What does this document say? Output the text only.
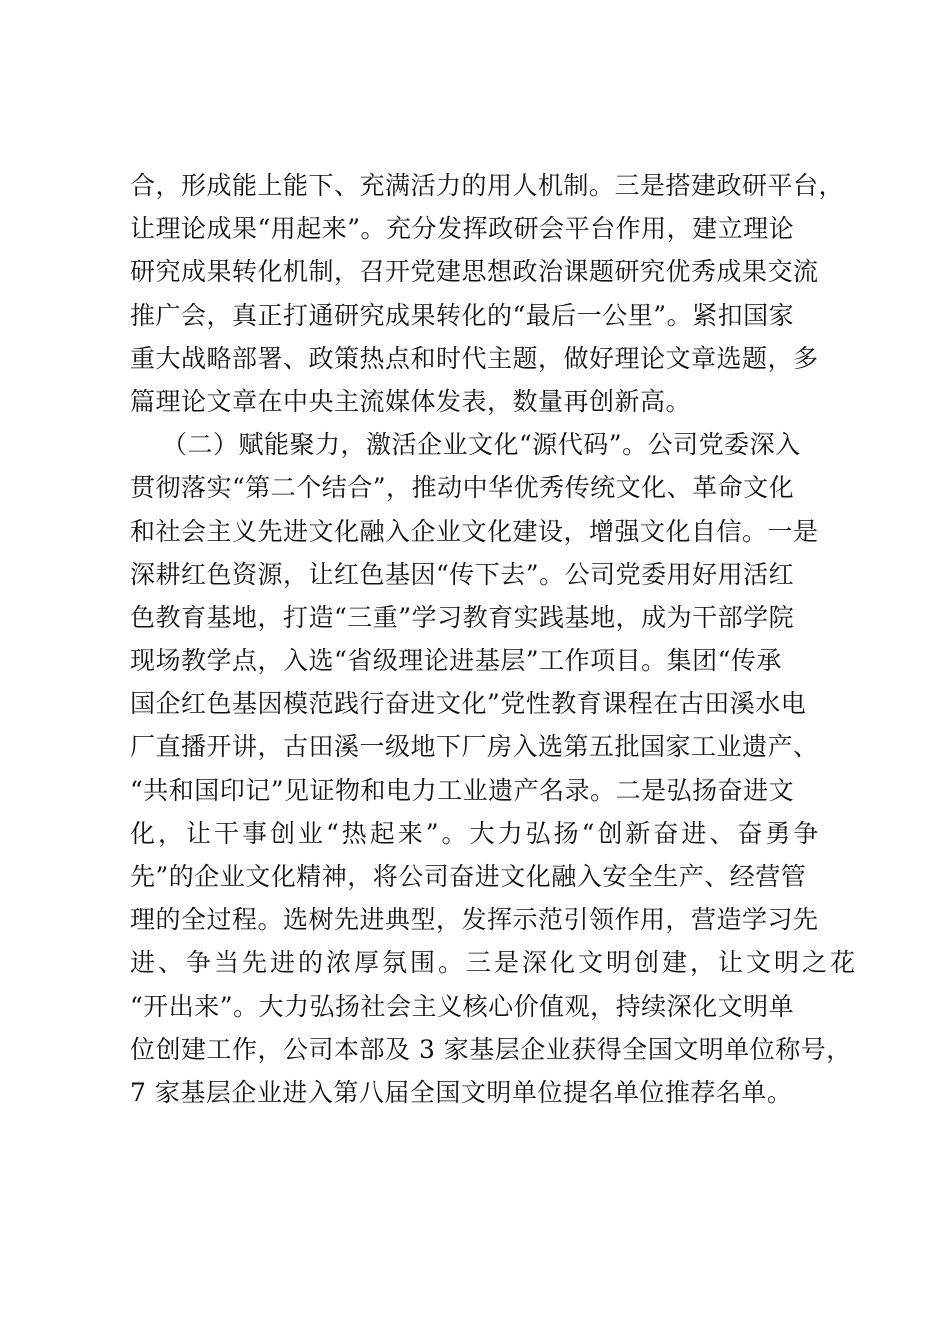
合，形成能上能下、充满活力的用人机制。三是搭建政研平台，
让理论成果“用起来”。充分发挥政研会平台作用，建立理论
研究成果转化机制，召开党建思想政治课题研究优秀成果交流
推广会，真正打通研究成果转化的“最后一公里”。紧扣国家
重大战略部署、政策热点和时代主题，做好理论文章选题，多
篇理论文章在中央主流媒体发表，数量再创新高。
（二）赋能聚力，激活企业文化“源代码”。公司党委深入
贯彻落实“第二个结合”，推动中华优秀传统文化、革命文化
和社会主义先进文化融入企业文化建设，增强文化自信。一是
深耕红色资源，让红色基因“传下去”。公司党委用好用活红
色教育基地，打造“三重”学习教育实践基地，成为干部学院
现场教学点，入选“省级理论进基层”工作项目。集团“传承
国企红色基因模范践行奋进文化”党性教育课程在古田溪水电
厂直播开讲，古田溪一级地下厂房入选第五批国家工业遗产、
“共和国印记”见证物和电力工业遗产名录。二是弘扬奋进文
化，让干事创业“热起来”。大力弘扬“创新奋进、奋勇争
先”的企业文化精神，将公司奋进文化融入安全生产、经营管
理的全过程。选树先进典型，发挥示范引领作用，营造学习先
进、争当先进的浓厚氛围。三是深化文明创建，让文明之花
“开出来”。大力弘扬社会主义核心价值观，持续深化文明单
位创建工作，公司本部及 3 家基层企业获得全国文明单位称号，
7 家基层企业进入第八届全国文明单位提名单位推荐名单。
